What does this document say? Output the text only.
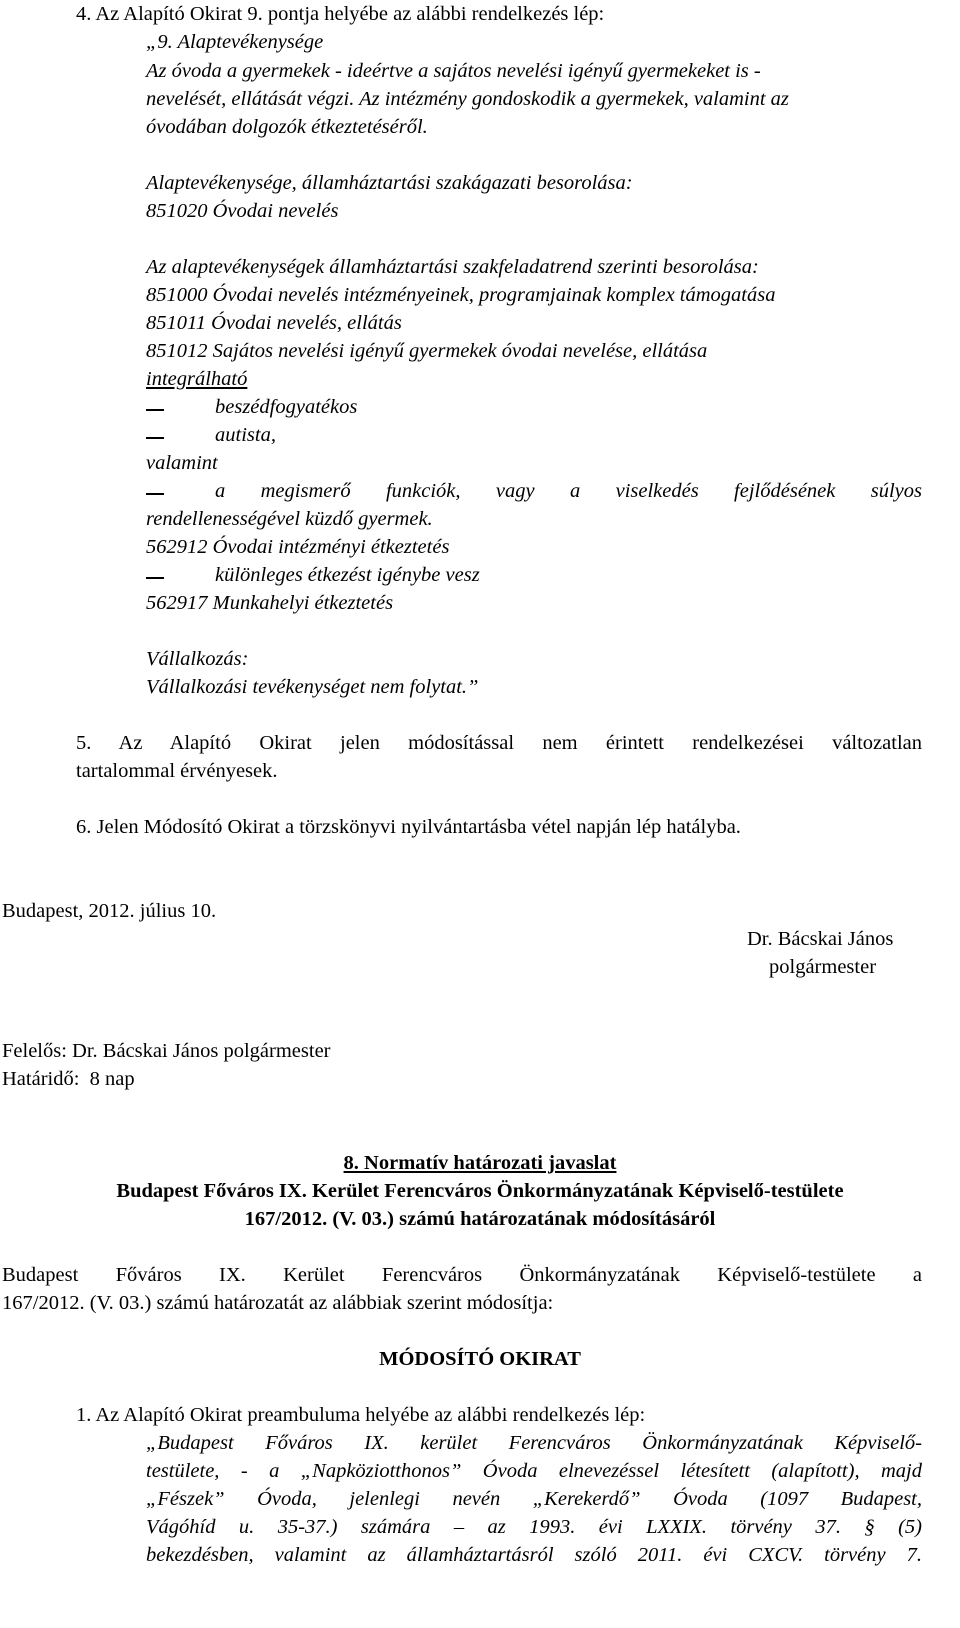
4. Az Alapító Okirat 9. pontja helyébe az alábbi rendelkezés lép:
„9. Alaptevékenysége
Az óvoda a gyermekek - ideértve a sajátos nevelési igényű gyermekeket is -
nevelését, ellátását végzi. Az intézmény gondoskodik a gyermekek, valamint az
óvodában dolgozók étkeztetéséről.
Alaptevékenysége, államháztartási szakágazati besorolása:
851020 Óvodai nevelés
Az alaptevékenységek államháztartási szakfeladatrend szerinti besorolása:
851000 Óvodai nevelés intézményeinek, programjainak komplex támogatása
851011 Óvodai nevelés, ellátás
851012 Sajátos nevelési igényű gyermekek óvodai nevelése, ellátása
integrálható
beszédfogyatékos
autista,
valamint
a megismerő funkciók, vagy a viselkedés fejlődésének súlyos
rendellenességével küzdő gyermek.
562912 Óvodai intézményi étkeztetés
különleges étkezést igénybe vesz
562917 Munkahelyi étkeztetés
Vállalkozás:
Vállalkozási tevékenységet nem folytat.”
5. Az Alapító Okirat jelen módosítással nem érintett rendelkezései változatlan
tartalommal érvényesek.
6. Jelen Módosító Okirat a törzskönyvi nyilvántartásba vétel napján lép hatályba.
Budapest, 2012. július 10.
Dr. Bácskai János
polgármester
Felelős: Dr. Bácskai János polgármester
Határidő:  8 nap
8. Normatív határozati javaslat
Budapest Főváros IX. Kerület Ferencváros Önkormányzatának Képviselő-testülete
167/2012. (V. 03.) számú határozatának módosításáról
Budapest Főváros IX. Kerület Ferencváros Önkormányzatának Képviselő-testülete a
167/2012. (V. 03.) számú határozatát az alábbiak szerint módosítja:
MÓDOSÍTÓ OKIRAT
1. Az Alapító Okirat preambuluma helyébe az alábbi rendelkezés lép:
„Budapest Főváros IX. kerület Ferencváros Önkormányzatának Képviselő-
testülete, - a „Napköziotthonos” Óvoda elnevezéssel létesített (alapított), majd
„Fészek” Óvoda, jelenlegi nevén „Kerekerdő” Óvoda (1097 Budapest,
Vágóhíd u. 35-37.) számára – az 1993. évi LXXIX. törvény 37. § (5)
bekezdésben, valamint az államháztartásról szóló 2011. évi CXCV. törvény 7.
